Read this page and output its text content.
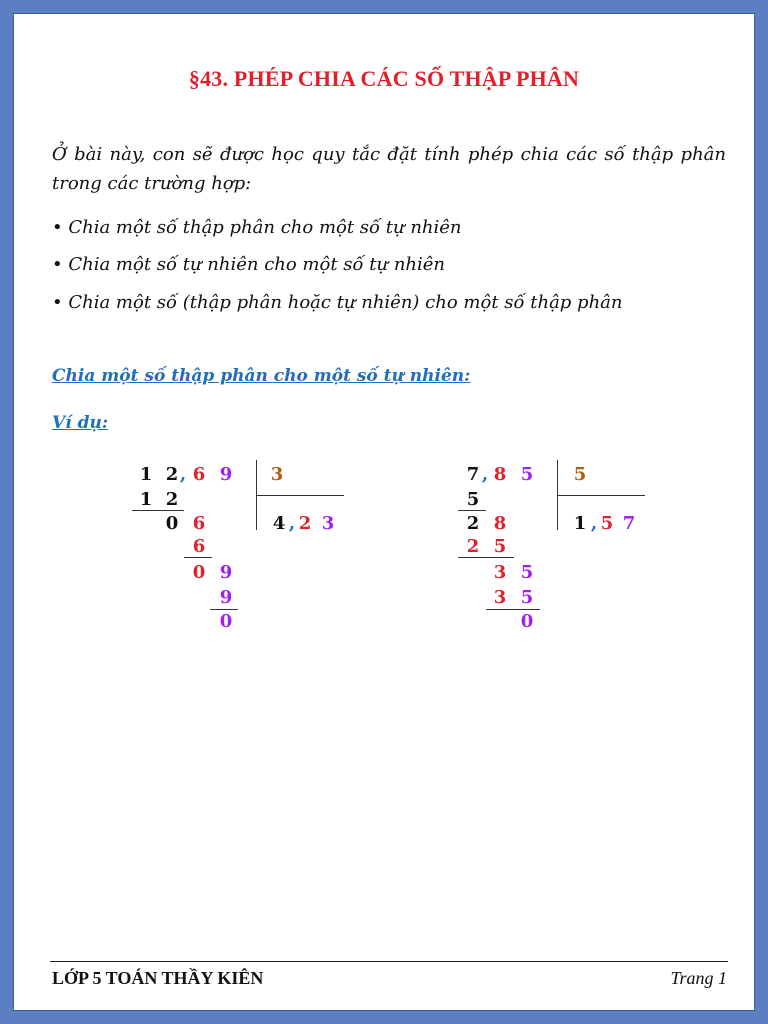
§43. PHÉP CHIA CÁC SỐ THẬP PHÂN
Ở bài này, con sẽ được học quy tắc đặt tính phép chia các số thập phân trong các trường hợp:
• Chia một số thập phân cho một số tự nhiên
• Chia một số tự nhiên cho một số tự nhiên
• Chia một số (thập phân hoặc tự nhiên) cho một số thập phân
Chia một số thập phân cho một số tự nhiên:
Ví dụ:
1 2 , 6 9 3
4 , 2 3
1 2
0 6
6
0 9
9
0
7 , 8 5 5
1 , 5 7
5
2 8
2 5
3 5
3 5
0
LỚP 5 TOÁN THẦY KIÊN	Trang 1
